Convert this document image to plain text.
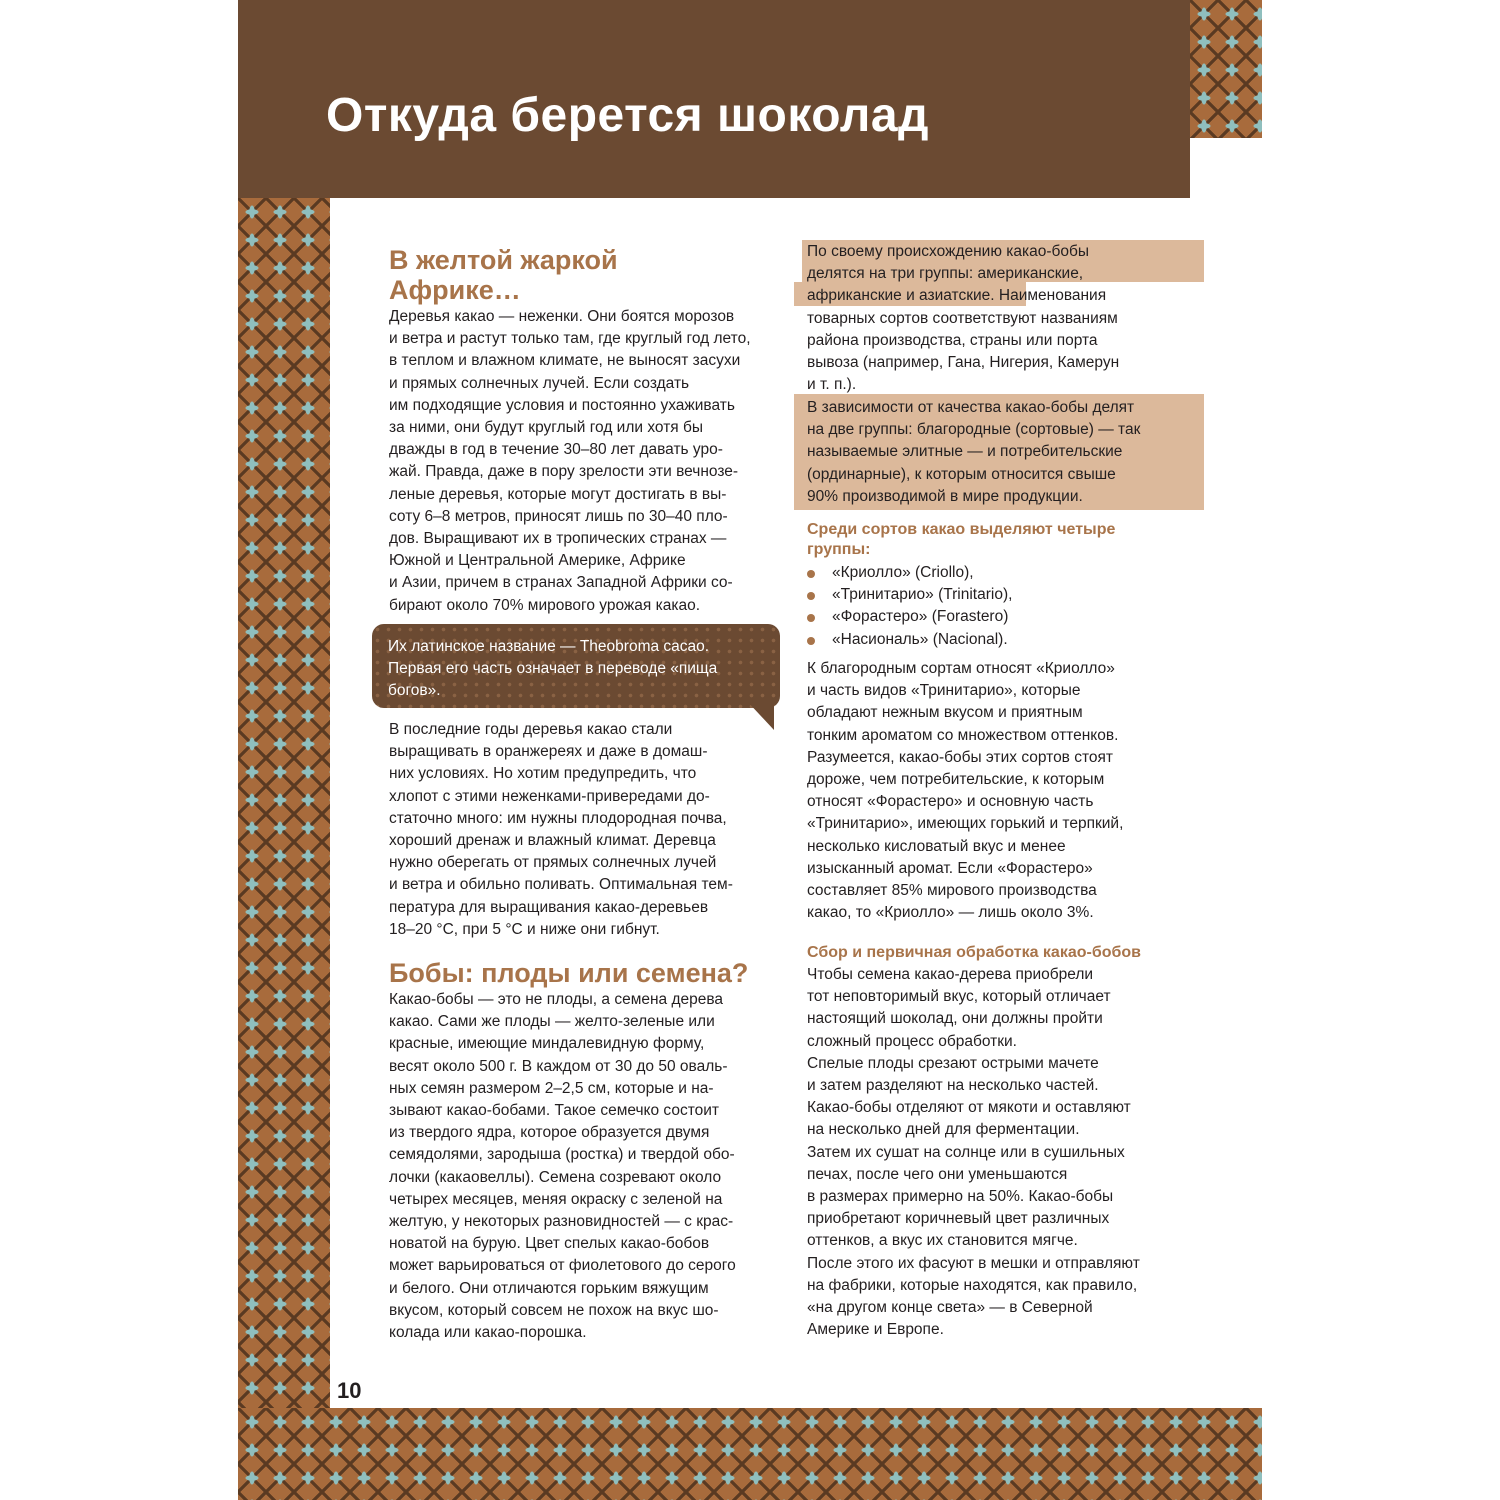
Откуда берется шоколад
В желтой жаркой
Африке…

Деревья какао — неженки. Они боятся морозов

и ветра и растут только там, где круглый год лето,

в теплом и влажном климате, не выносят засухи

и прямых солнечных лучей. Если создать

им подходящие условия и постоянно ухаживать

за ними, они будут круглый год или хотя бы

дважды в год в течение 30–80 лет давать уро-

жай. Правда, даже в пору зрелости эти вечнозе-

леные деревья, которые могут достигать в вы-

соту 6–8 метров, приносят лишь по 30–40 пло-

дов. Выращивают их в тропических странах —

Южной и Центральной Америке, Африке

и Азии, причем в странах Западной Африки со-

бирают около 70% мирового урожая какао.

Их латинское название — Theobroma cacao.
Первая его часть означает в переводе «пища
богов».

В последние годы деревья какао стали

выращивать в оранжереях и даже в домаш-

них условиях. Но хотим предупредить, что

хлопот с этими неженками-привередами до-

статочно много: им нужны плодородная почва,

хороший дренаж и влажный климат. Деревца

нужно оберегать от прямых солнечных лучей

и ветра и обильно поливать. Оптимальная тем-

пература для выращивания какао-деревьев

18–20 °С, при 5 °С и ниже они гибнут.

Бобы: плоды или семена?

Какао-бобы — это не плоды, а семена дерева

какао. Сами же плоды — желто-зеленые или

красные, имеющие миндалевидную форму,

весят около 500 г. В каждом от 30 до 50 оваль-

ных семян размером 2–2,5 см, которые и на-

зывают какао-бобами. Такое семечко состоит

из твердого ядра, которое образуется двумя

семядолями, зародыша (ростка) и твердой обо-

лочки (какаовеллы). Семена созревают около

четырех месяцев, меняя окраску с зеленой на

желтую, у некоторых разновидностей — с крас-

новатой на бурую. Цвет спелых какао-бобов

может варьироваться от фиолетового до серого

и белого. Они отличаются горьким вяжущим

вкусом, который совсем не похож на вкус шо-

колада или какао-порошка.

По своему происхождению какао-бобы

делятся на три группы: американские,

африканские и азиатские. Наименования

товарных сортов соответствуют названиям

района производства, страны или порта

вывоза (например, Гана, Нигерия, Камерун

и т. п.).

В зависимости от качества какао-бобы делят

на две группы: благородные (сортовые) — так

называемые элитные — и потребительские

(ординарные), к которым относится свыше

90% производимой в мире продукции.

Среди сортов какао выделяют четыре
группы:
«Криолло» (Criollo),
«Тринитарио» (Trinitario),
«Форастеро» (Forastero)
«Насиональ» (Nacional).

К благородным сортам относят «Криолло»

и часть видов «Тринитарио», которые

обладают нежным вкусом и приятным

тонким ароматом со множеством оттенков.

Разумеется, какао-бобы этих сортов стоят

дороже, чем потребительские, к которым

относят «Форастеро» и основную часть

«Тринитарио», имеющих горький и терпкий,

несколько кисловатый вкус и менее

изысканный аромат. Если «Форастеро»

составляет 85% мирового производства

какао, то «Криолло» — лишь около 3%.

Сбор и первичная обработка какао-бобов

Чтобы семена какао-дерева приобрели

тот неповторимый вкус, который отличает

настоящий шоколад, они должны пройти

сложный процесс обработки.

Спелые плоды срезают острыми мачете

и затем разделяют на несколько частей.

Какао-бобы отделяют от мякоти и оставляют

на несколько дней для ферментации.

Затем их сушат на солнце или в сушильных

печах, после чего они уменьшаются

в размерах примерно на 50%. Какао-бобы

приобретают коричневый цвет различных

оттенков, а вкус их становится мягче.

После этого их фасуют в мешки и отправляют

на фабрики, которые находятся, как правило,

«на другом конце света» — в Северной

Америке и Европе.

10
